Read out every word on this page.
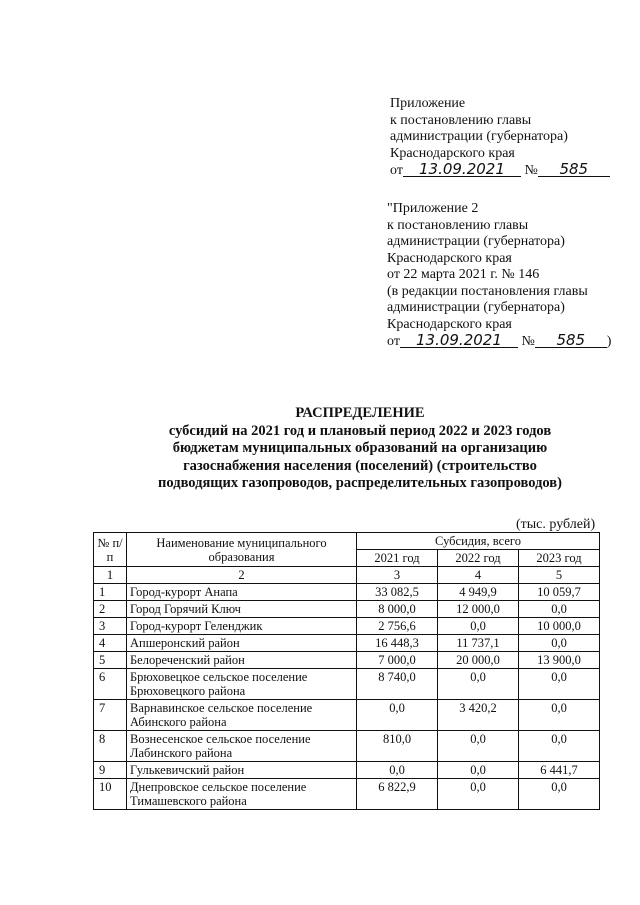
Приложение
к постановлению главы
администрации (губернатора)
Краснодарского края
от 13.09.2021 № 585
"Приложение 2
к постановлению главы
администрации (губернатора)
Краснодарского края
от 22 марта 2021 г. № 146
(в редакции постановления главы
администрации (губернатора)
Краснодарского края
от 13.09.2021 № 585 )
РАСПРЕДЕЛЕНИЕ
субсидий на 2021 год и плановый период 2022 и 2023 годов
бюджетам муниципальных образований на организацию
газоснабжения населения (поселений) (строительство
подводящих газопроводов, распределительных газопроводов)
(тыс. рублей)
№ п/п	Наименование муниципального образования	Субсидия, всего		
		2021 год	2022 год	2023 год
1	2	3	4	5
1	Город-курорт Анапа	33 082,5	4 949,9	10 059,7
2	Город Горячий Ключ	8 000,0	12 000,0	0,0
3	Город-курорт Геленджик	2 756,6	0,0	10 000,0
4	Апшеронский район	16 448,3	11 737,1	0,0
5	Белореченский район	7 000,0	20 000,0	13 900,0
6	Брюховецкое сельское поселение Брюховецкого района	8 740,0	0,0	0,0
7	Варнавинское сельское поселение Абинского района	0,0	3 420,2	0,0
8	Вознесенское сельское поселение Лабинского района	810,0	0,0	0,0
9	Гулькевичский район	0,0	0,0	6 441,7
10	Днепровское сельское поселение Тимашевского района	6 822,9	0,0	0,0
